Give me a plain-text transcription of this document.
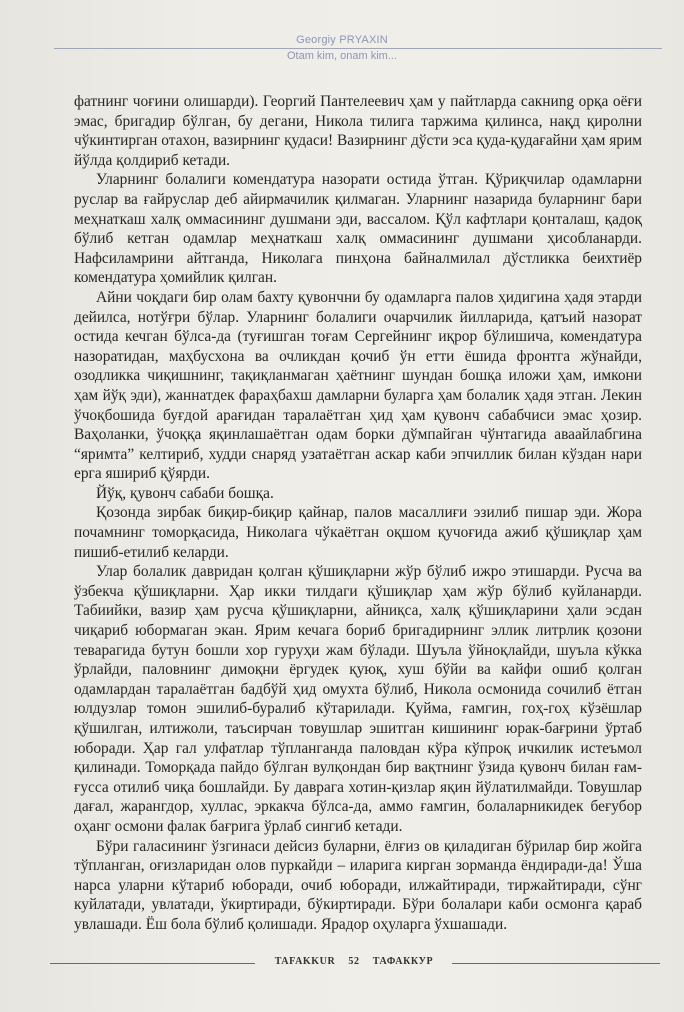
Georgiy PRYAXIN
Otam kim, onam kim...

фатнинг чоғини олишарди). Георгий Пантелеевич ҳам у пайтларда сакниng орқа оёғи эмас, бригадир бўлган, бу дегани, Никола тилига таржима қилинса, нақд қиролни чўкинтирган отахон, вазирнинг қудаси! Вазирнинг дўсти эса қуда-қудағайни ҳам ярим йўлда қолдириб кетади.

Уларнинг болалиги комендатура назорати остида ўтган. Қўриқчилар одамларни руслар ва ғайруслар деб айирмачилик қилмаган. Уларнинг назарида буларнинг бари меҳнаткаш халқ оммасининг душмани эди, вассалом. Қўл кафтлари қонталаш, қадоқ бўлиб кетган одамлар меҳнаткаш халқ оммасининг душмани ҳисобланарди. Нафсиламрини айтганда, Николага пинҳона байналмилал дўстликка беихтиёр комендатура ҳомийлик қилган.

Айни чоқдаги бир олам бахту қувончни бу одамларга палов ҳидигина ҳадя этарди дейилса, нотўғри бўлар. Уларнинг болалиги очарчилик йилларида, қатъий назорат остида кечган бўлса-да (туғишган тоғам Сергейнинг иқрор бўлишича, комендатура назоратидан, маҳбусхона ва очликдан қочиб ўн етти ёшида фронтга жўнайди, озодликка чиқишнинг, тақиқланмаган ҳаётнинг шундан бошқа иложи ҳам, имкони ҳам йўқ эди), жаннатдек фараҳбахш дамларни буларга ҳам болалик ҳадя этган. Лекин ўчоқбошида буғдой арағидан таралаётган ҳид ҳам қувонч сабабчиси эмас ҳозир. Ваҳоланки, ўчоққа яқинлашаётган одам борки дўмпайган чўнтагида аваайлабгина “яримта” келтириб, худди снаряд узатаётган аскар каби эпчиллик билан кўздан нари ерга яшириб қўярди.

Йўқ, қувонч сабаби бошқа.

Қозонда зирбак биқир-биқир қайнар, палов масаллиғи эзилиб пишар эди. Жора почамнинг томорқасида, Николага чўкаётган оқшом қучоғида ажиб қўшиқлар ҳам пишиб-етилиб келарди.

Улар болалик давридан қолган қўшиқларни жўр бўлиб ижро этишарди. Русча ва ўзбекча қўшиқларни. Ҳар икки тилдаги қўшиқлар ҳам жўр бўлиб куйланарди. Табиийки, вазир ҳам русча қўшиқларни, айниқса, халқ қўшиқларини ҳали эсдан чиқариб юбормаган экан. Ярим кечага бориб бригадирнинг эллик литрлик қозони теварагида бутун бошли хор гуруҳи жам бўлади. Шуъла ўйноқлайди, шуъла кўкка ўрлайди, паловнинг димоқни ёргудек қуюқ, хуш бўйи ва кайфи ошиб қолган одамлардан таралаётган бадбўй ҳид омухта бўлиб, Никола осмонида сочилиб ётган юлдузлар томон эшилиб-буралиб кўтарилади. Қуйма, ғамгин, гоҳ-гоҳ кўзёшлар қўшилган, илтижоли, таъсирчан товушлар эшитган кишининг юрак-бағрини ўртаб юборади. Ҳар гал улфатлар тўпланганда паловдан кўра кўпроқ ичкилик истеъмол қилинади. Томорқада пайдо бўлган вулқондан бир вақтнинг ўзида қувонч билан ғам-ғусса отилиб чиқа бошлайди. Бу даврага хотин-қизлар яқин йўлатилмайди. Товушлар дағал, жарангдор, хуллас, эркакча бўлса-да, аммо ғамгин, болаларникидек беғубор оҳанг осмони фалак бағрига ўрлаб сингиб кетади.

Бўри галасининг ўзгинаси дейсиз буларни, ёлғиз ов қиладиган бўрилар бир жойга тўпланган, оғизларидан олов пуркайди – иларига кирган зорманда ёндиради-да! Ўша нарса уларни кўтариб юборади, очиб юборади, илжайтиради, тиржайтиради, сўнг куйлатади, увлатади, ўкиртиради, бўкиртиради. Бўри болалари каби осмонга қараб увлашади. Ёш бола бўлиб қолишади. Ярадор оҳуларга ўхшашади.

TAFAKKUR 52 ТАФАККУР
